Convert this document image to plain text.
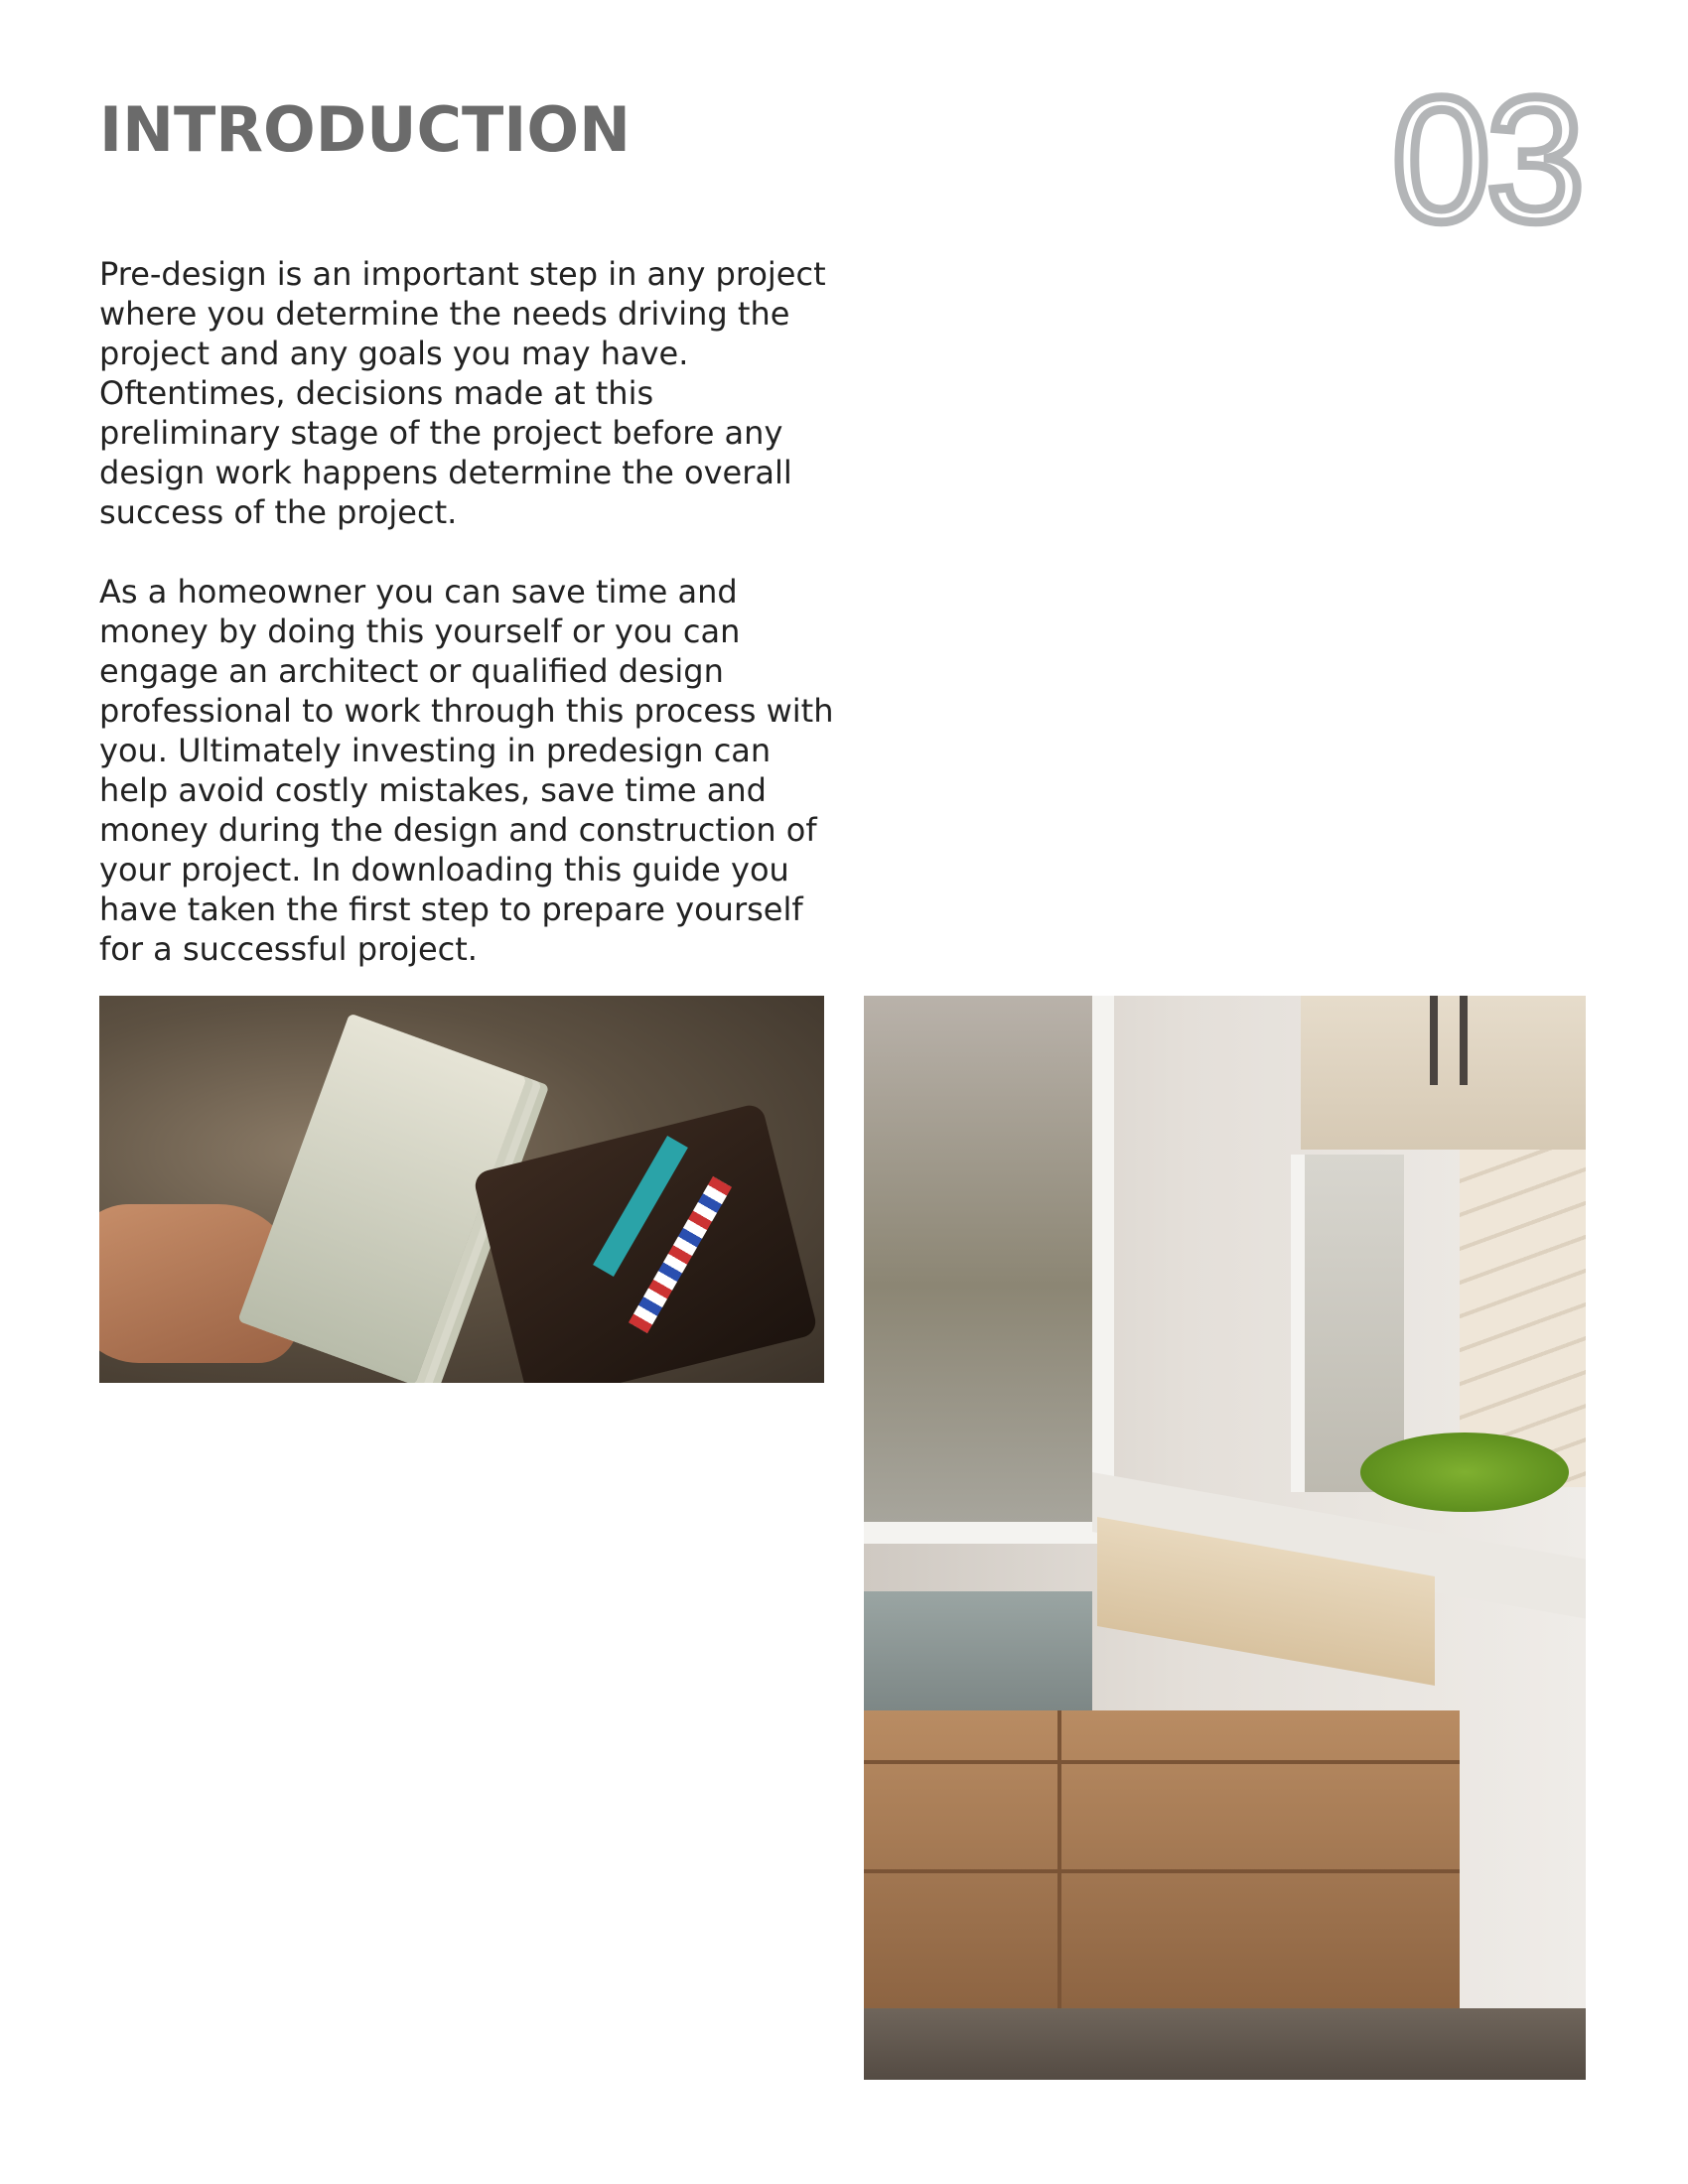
INTRODUCTION	03

Pre-design is an important step in any project where you determine the needs driving the project and any goals you may have. Oftentimes, decisions made at this preliminary stage of the project before any design work happens determine the overall success of the project.

As a homeowner you can save time and money by doing this yourself or you can engage an architect or qualified design professional to work through this process with you. Ultimately investing in predesign can help avoid costly mistakes, save time and money during the design and construction of your project. In downloading this guide you have taken the first step to prepare yourself for a successful project.
